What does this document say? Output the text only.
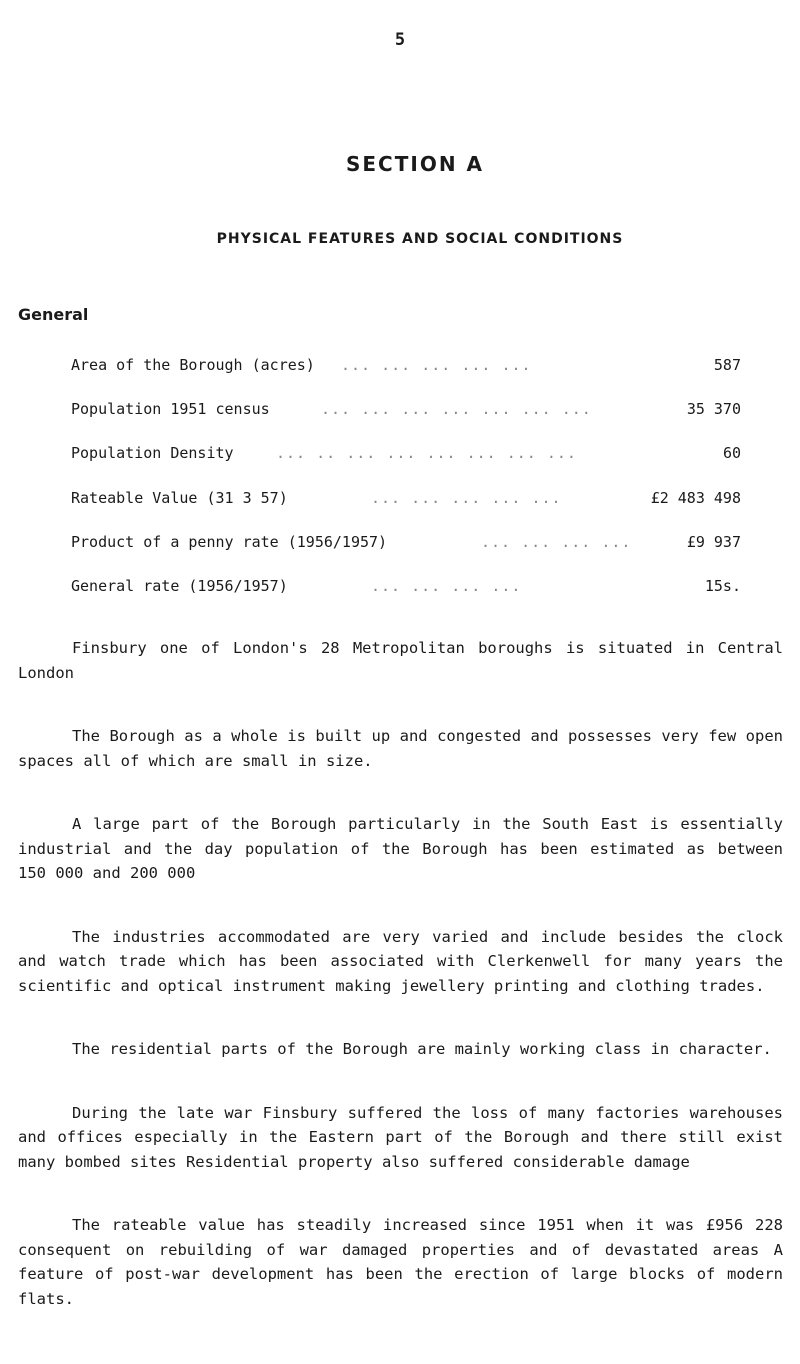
5
SECTION A
PHYSICAL FEATURES AND SOCIAL CONDITIONS
General
Area of the Borough (acres) ... ... ... ... ...	587
Population 1951 census	... ... ... ... ... ... ...	35 370
Population Density	... .. ... ... ... ... ... ...	60
Rateable Value (31 3 57)	... ... ... ... ...	£2 483 498
Product of a penny rate (1956/1957)	... ... ... ...	£9 937
General rate (1956/1957)	... ... ... ...	15s.

Finsbury one of London's 28 Metropolitan boroughs is situated in Central London

The Borough as a whole is built up and congested and possesses very few open spaces all of which are small in size.

A large part of the Borough particularly in the South East is essentially industrial and the day population of the Borough has been estimated as between 150 000 and 200 000

The industries accommodated are very varied and include besides the clock and watch trade which has been associated with Clerkenwell for many years the scientific and optical instrument making jewellery printing and clothing trades.

The residential parts of the Borough are mainly working class in character.

During the late war Finsbury suffered the loss of many factories warehouses and offices especially in the Eastern part of the Borough and there still exist many bombed sites Residential property also suffered considerable damage

The rateable value has steadily increased since 1951 when it was £956 228 consequent on rebuilding of war damaged properties and of devastated areas A feature of post-war development has been the erection of large blocks of modern flats.
